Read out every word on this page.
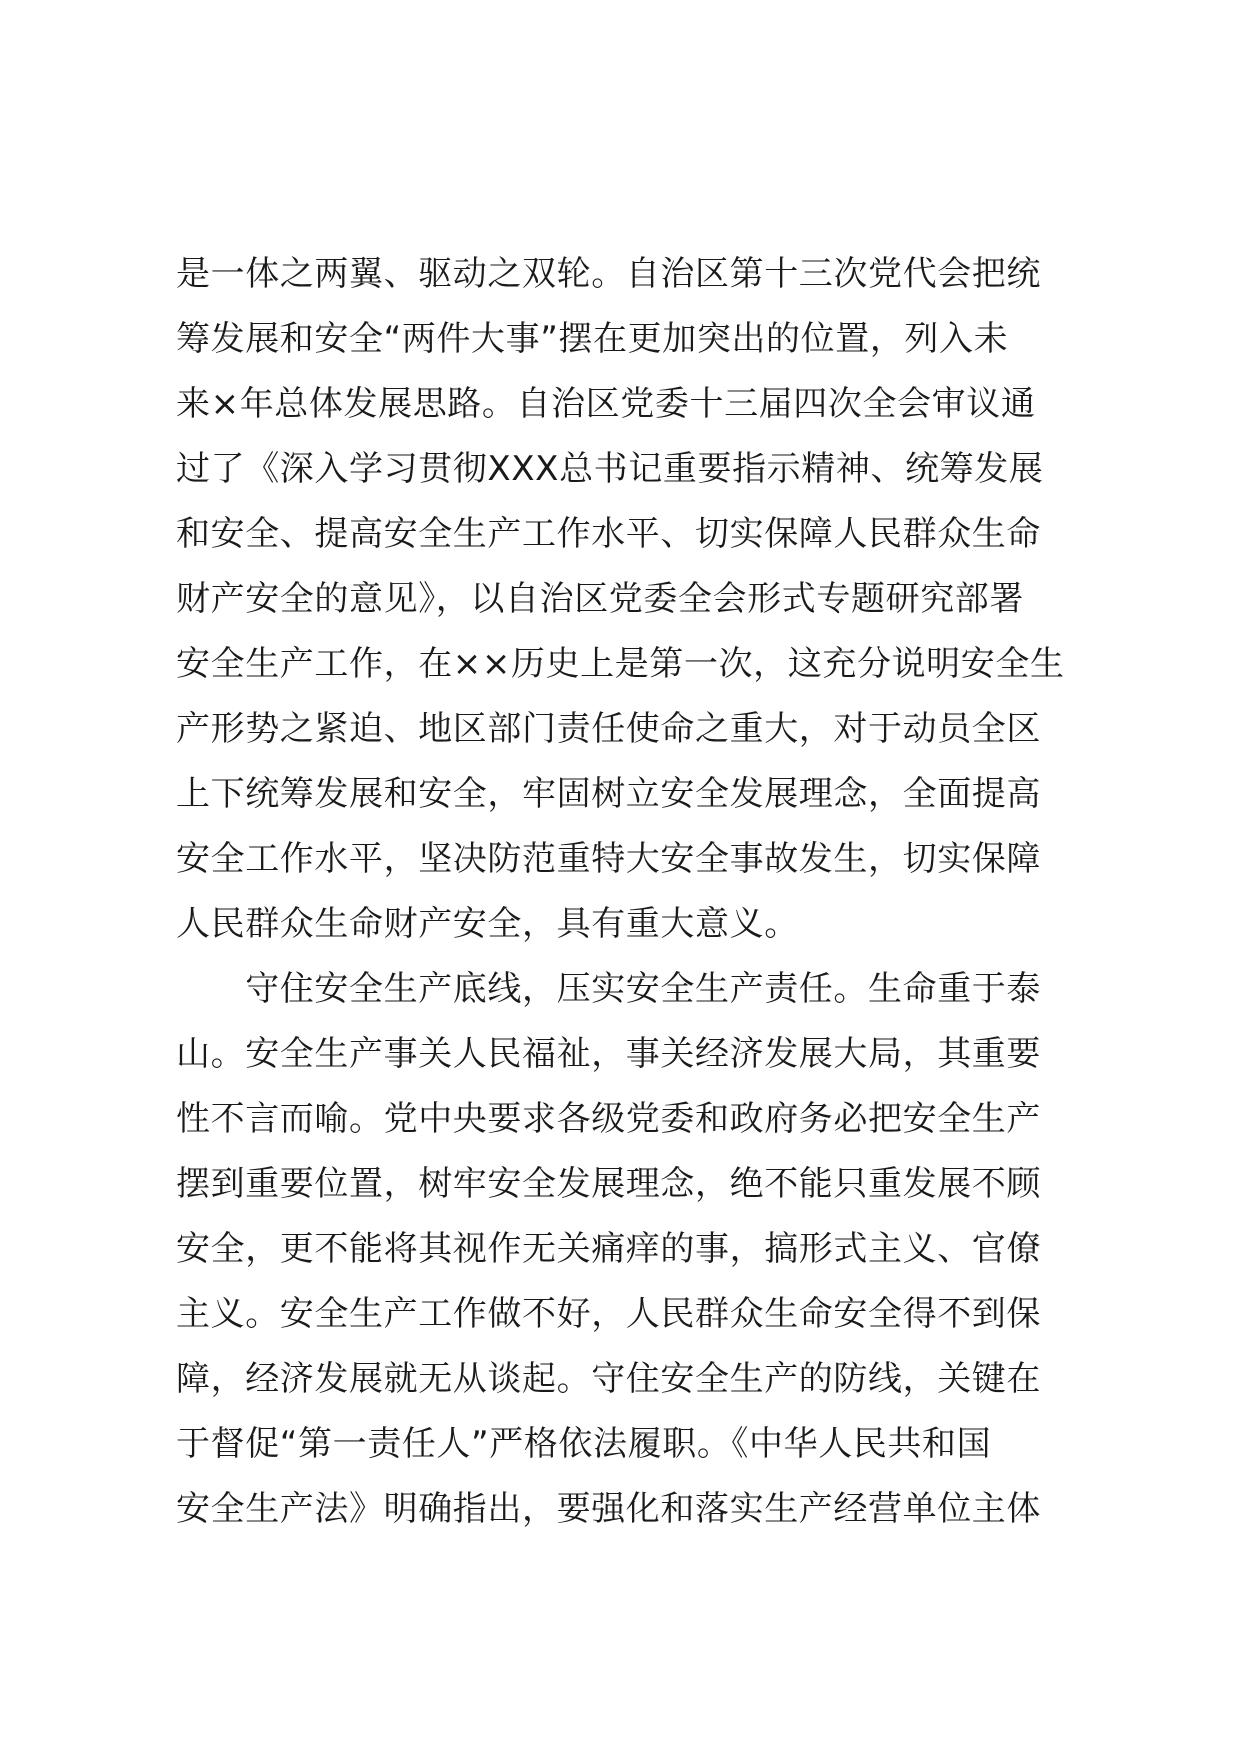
是一体之两翼、驱动之双轮。自治区第十三次党代会把统
筹发展和安全“两件大事”摆在更加突出的位置，列入未
来×年总体发展思路。自治区党委十三届四次全会审议通
过了《深入学习贯彻XXX总书记重要指示精神、统筹发展
和安全、提高安全生产工作水平、切实保障人民群众生命
财产安全的意见》，以自治区党委全会形式专题研究部署
安全生产工作，在××历史上是第一次，这充分说明安全生
产形势之紧迫、地区部门责任使命之重大，对于动员全区
上下统筹发展和安全，牢固树立安全发展理念，全面提高
安全工作水平，坚决防范重特大安全事故发生，切实保障
人民群众生命财产安全，具有重大意义。
　　守住安全生产底线，压实安全生产责任。生命重于泰
山。安全生产事关人民福祉，事关经济发展大局，其重要
性不言而喻。党中央要求各级党委和政府务必把安全生产
摆到重要位置，树牢安全发展理念，绝不能只重发展不顾
安全，更不能将其视作无关痛痒的事，搞形式主义、官僚
主义。安全生产工作做不好，人民群众生命安全得不到保
障，经济发展就无从谈起。守住安全生产的防线，关键在
于督促“第一责任人”严格依法履职。《中华人民共和国
安全生产法》明确指出，要强化和落实生产经营单位主体
